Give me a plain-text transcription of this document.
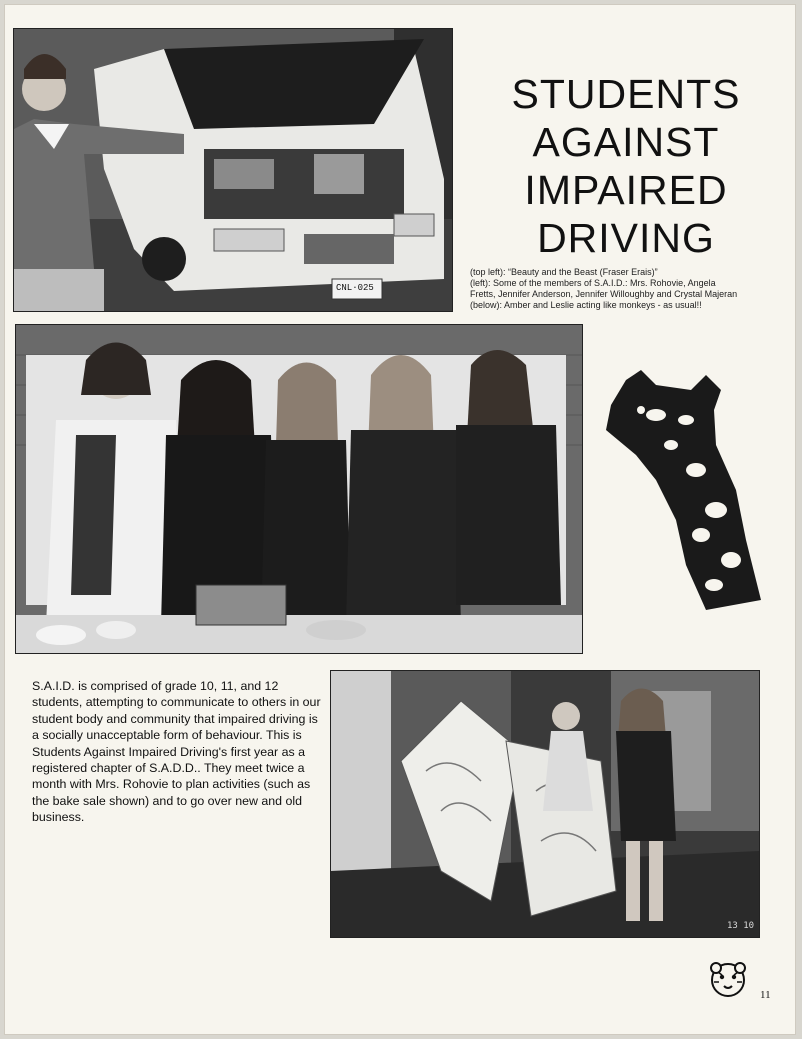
CNL·025
STUDENTS
AGAINST
IMPAIRED
DRIVING
(top left): “Beauty and the Beast (Fraser Erais)”
(left): Some of the members of S.A.I.D.: Mrs. Rohovie, Angela
Fretts, Jennifer Anderson, Jennifer Willoughby and Crystal Majeran
(below): Amber and Leslie acting like monkeys - as usual!!
S.A.I.D. is comprised of grade 10, 11, and 12 students, attempting to communicate to others in our student body and community that impaired driving is a socially unacceptable form of behaviour. This is Students Against Impaired Driving's first year as a registered chapter of S.A.D.D.. They meet twice a month with Mrs. Rohovie to plan activities (such as the bake sale shown) and to go over new and old business.
13 10
11
